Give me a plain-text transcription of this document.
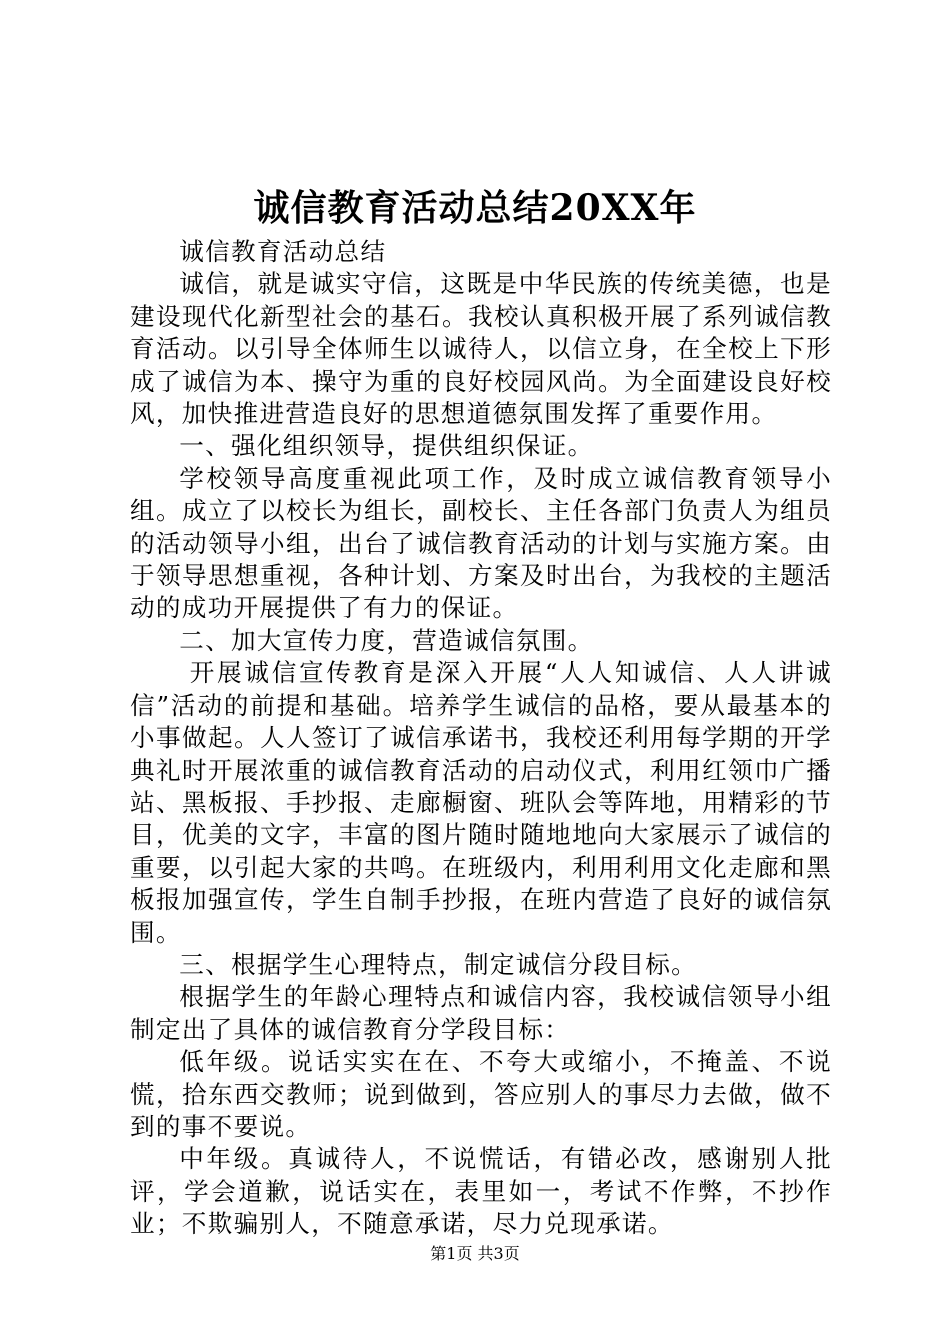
诚信教育活动总结20XX年

诚信教育活动总结

诚信，就是诚实守信，这既是中华民族的传统美德，也是建设现代化新型社会的基石。我校认真积极开展了系列诚信教育活动。以引导全体师生以诚待人，以信立身，在全校上下形成了诚信为本、操守为重的良好校园风尚。为全面建设良好校风，加快推进营造良好的思想道德氛围发挥了重要作用。

一、强化组织领导，提供组织保证。

学校领导高度重视此项工作，及时成立诚信教育领导小组。成立了以校长为组长，副校长、主任各部门负责人为组员的活动领导小组，出台了诚信教育活动的计划与实施方案。由于领导思想重视，各种计划、方案及时出台，为我校的主题活动的成功开展提供了有力的保证。

二、加大宣传力度，营造诚信氛围。

开展诚信宣传教育是深入开展“人人知诚信、人人讲诚信”活动的前提和基础。培养学生诚信的品格，要从最基本的小事做起。人人签订了诚信承诺书，我校还利用每学期的开学典礼时开展浓重的诚信教育活动的启动仪式，利用红领巾广播站、黑板报、手抄报、走廊橱窗、班队会等阵地，用精彩的节目，优美的文字，丰富的图片随时随地地向大家展示了诚信的重要，以引起大家的共鸣。在班级内，利用利用文化走廊和黑板报加强宣传，学生自制手抄报，在班内营造了良好的诚信氛围。

三、根据学生心理特点，制定诚信分段目标。

根据学生的年龄心理特点和诚信内容，我校诚信领导小组制定出了具体的诚信教育分学段目标：

低年级。说话实实在在、不夸大或缩小，不掩盖、不说慌，拾东西交教师；说到做到，答应别人的事尽力去做，做不到的事不要说。

中年级。真诚待人，不说慌话，有错必改，感谢别人批评，学会道歉，说话实在，表里如一，考试不作弊，不抄作业；不欺骗别人，不随意承诺，尽力兑现承诺。

第1页 共3页
